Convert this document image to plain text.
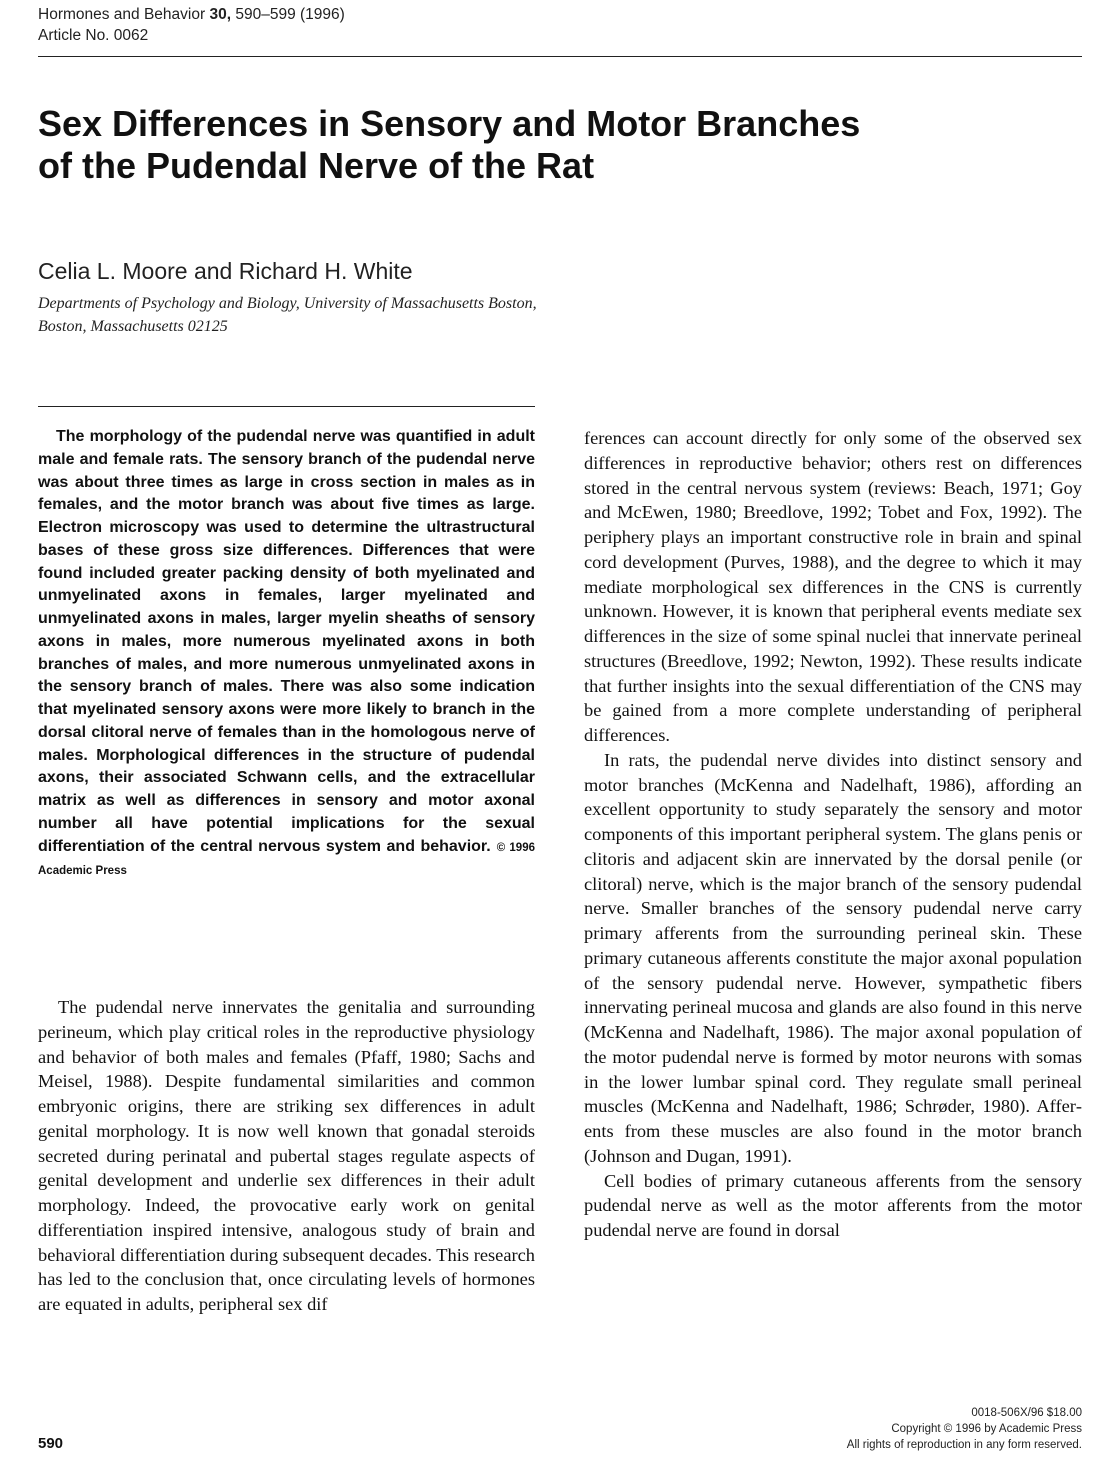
Hormones and Behavior 30, 590–599 (1996)
Article No. 0062
Sex Differences in Sensory and Motor Branches
of the Pudendal Nerve of the Rat
Celia L. Moore and Richard H. White
Departments of Psychology and Biology, University of Massachusetts Boston,
Boston, Massachusetts 02125

The morphology of the pudendal nerve was quantified in adult male and female rats. The sensory branch of the pudendal nerve was about three times as large in cross section in males as in females, and the motor branch was about five times as large. Electron microscopy was used to determine the ultrastructural bases of these gross size differences. Differences that were found included greater packing density of both myelinated and unmyelinated axons in females, larger myelinated and unmyelinated axons in males, larger myelin sheaths of sensory axons in males, more numerous myelinated axons in both branches of males, and more numerous unmyelinated axons in the sensory branch of males. There was also some indication that myelinated sensory axons were more likely to branch in the dorsal clitoral nerve of females than in the homologous nerve of males. Morphological differences in the structure of pudendal axons, their associated Schwann cells, and the extracellular matrix as well as differences in sensory and motor axonal number all have potential implications for the sexual differentiation of the central nervous system and behavior. © 1996 Academic Press

The pudendal nerve innervates the genitalia and surrounding perineum, which play critical roles in the reproductive physiology and behavior of both males and females (Pfaff, 1980; Sachs and Meisel, 1988). Despite fundamental similarities and common embryonic origins, there are striking sex differences in adult genital morphology. It is now well known that gonadal steroids secreted during perinatal and pubertal stages regulate aspects of genital development and underlie sex differences in their adult morphology. Indeed, the provocative early work on genital differentiation inspired intensive, analogous study of brain and behavioral differentiation during subsequent decades. This research has led to the conclusion that, once circulating levels of hormones are equated in adults, peripheral sex dif

ferences can account directly for only some of the observed sex differences in reproductive behavior; others rest on differences stored in the central nervous system (reviews: Beach, 1971; Goy and McEwen, 1980; Breedlove, 1992; Tobet and Fox, 1992). The periphery plays an important constructive role in brain and spinal cord development (Purves, 1988), and the degree to which it may mediate morphological sex differences in the CNS is currently unknown. However, it is known that peripheral events mediate sex differences in the size of some spinal nuclei that innervate perineal structures (Breedlove, 1992; Newton, 1992). These results indicate that further insights into the sexual differentiation of the CNS may be gained from a more complete understanding of peripheral differences.

In rats, the pudendal nerve divides into distinct sensory and motor branches (McKenna and Nadelhaft, 1986), affording an excellent opportunity to study separately the sensory and motor components of this important peripheral system. The glans penis or clitoris and adjacent skin are innervated by the dorsal penile (or clitoral) nerve, which is the major branch of the sensory pudendal nerve. Smaller branches of the sensory pudendal nerve carry primary afferents from the surrounding perineal skin. These primary cutaneous afferents constitute the major axonal population of the sensory pudendal nerve. However, sympathetic fibers innervating perineal mucosa and glands are also found in this nerve (McKenna and Nadelhaft, 1986). The major axonal population of the motor pudendal nerve is formed by motor neurons with somas in the lower lumbar spinal cord. They regulate small perineal muscles (McKenna and Nadelhaft, 1986; Schrøder, 1980). Afferents from these muscles are also found in the motor branch (Johnson and Dugan, 1991).

Cell bodies of primary cutaneous afferents from the sensory pudendal nerve as well as the motor afferents from the motor pudendal nerve are found in dorsal

590
0018-506X/96 $18.00
Copyright © 1996 by Academic Press
All rights of reproduction in any form reserved.
